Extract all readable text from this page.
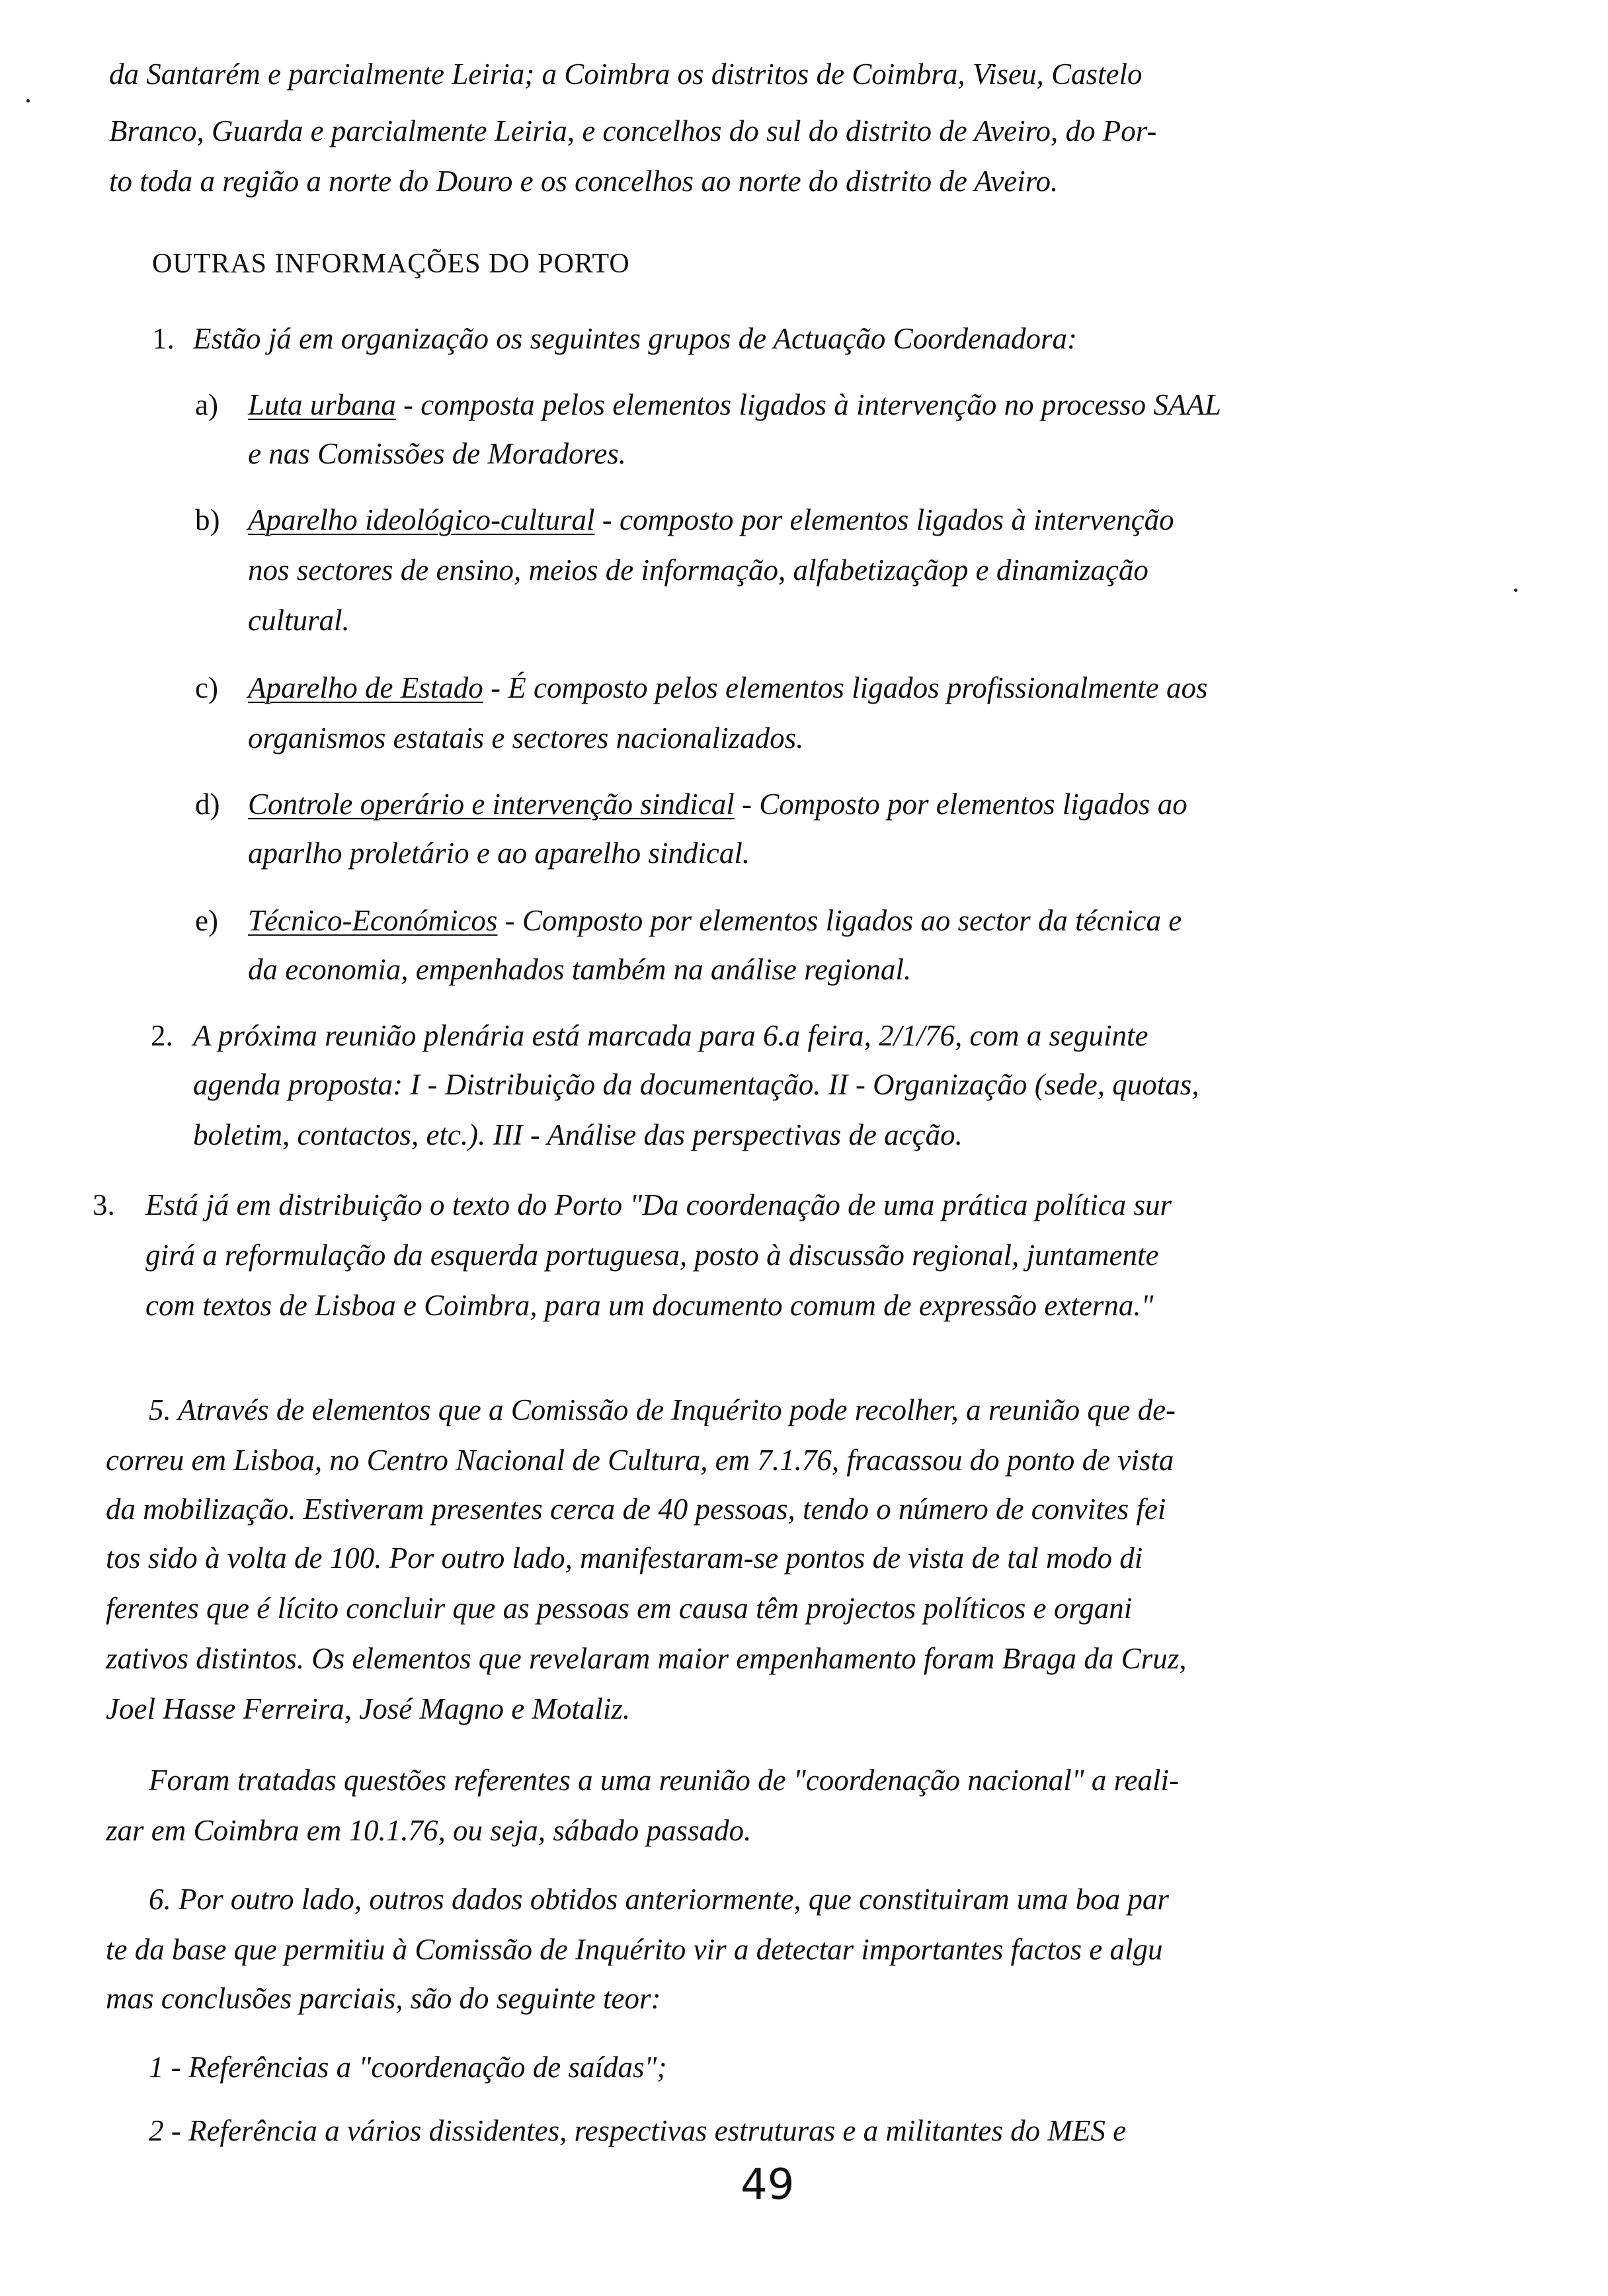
da Santarém e parcialmente Leiria; a Coimbra os distritos de Coimbra, Viseu, Castelo
Branco, Guarda e parcialmente Leiria, e concelhos do sul do distrito de Aveiro, do Por-
to toda a região a norte do Douro e os concelhos ao norte do distrito de Aveiro.
OUTRAS INFORMAÇÕES DO PORTO
1. Estão já em organização os seguintes grupos de Actuação Coordenadora:
a) Luta urbana - composta pelos elementos ligados à intervenção no processo SAAL
e nas Comissões de Moradores.
b) Aparelho ideológico-cultural - composto por elementos ligados à intervenção
nos sectores de ensino, meios de informação, alfabetizaçãop e dinamização
cultural.
c) Aparelho de Estado - É composto pelos elementos ligados profissionalmente aos
organismos estatais e sectores nacionalizados.
d) Controle operário e intervenção sindical - Composto por elementos ligados ao
aparlho proletário e ao aparelho sindical.
e) Técnico-Económicos - Composto por elementos ligados ao sector da técnica e
da economia, empenhados também na análise regional.
2. A próxima reunião plenária está marcada para 6.a feira, 2/1/76, com a seguinte
agenda proposta: I - Distribuição da documentação. II - Organização (sede, quotas,
boletim, contactos, etc.). III - Análise das perspectivas de acção.
3. Está já em distribuição o texto do Porto "Da coordenação de uma prática política sur
girá a reformulação da esquerda portuguesa, posto à discussão regional, juntamente
com textos de Lisboa e Coimbra, para um documento comum de expressão externa."
5. Através de elementos que a Comissão de Inquérito pode recolher, a reunião que de-
correu em Lisboa, no Centro Nacional de Cultura, em 7.1.76, fracassou do ponto de vista
da mobilização. Estiveram presentes cerca de 40 pessoas, tendo o número de convites fei
tos sido à volta de 100. Por outro lado, manifestaram-se pontos de vista de tal modo di
ferentes que é lícito concluir que as pessoas em causa têm projectos políticos e organi
zativos distintos. Os elementos que revelaram maior empenhamento foram Braga da Cruz,
Joel Hasse Ferreira, José Magno e Motaliz.
Foram tratadas questões referentes a uma reunião de "coordenação nacional" a reali-
zar em Coimbra em 10.1.76, ou seja, sábado passado.
6. Por outro lado, outros dados obtidos anteriormente, que constituiram uma boa par
te da base que permitiu à Comissão de Inquérito vir a detectar importantes factos e algu
mas conclusões parciais, são do seguinte teor:
1 - Referências a "coordenação de saídas";
2 - Referência a vários dissidentes, respectivas estruturas e a militantes do MES e
49
